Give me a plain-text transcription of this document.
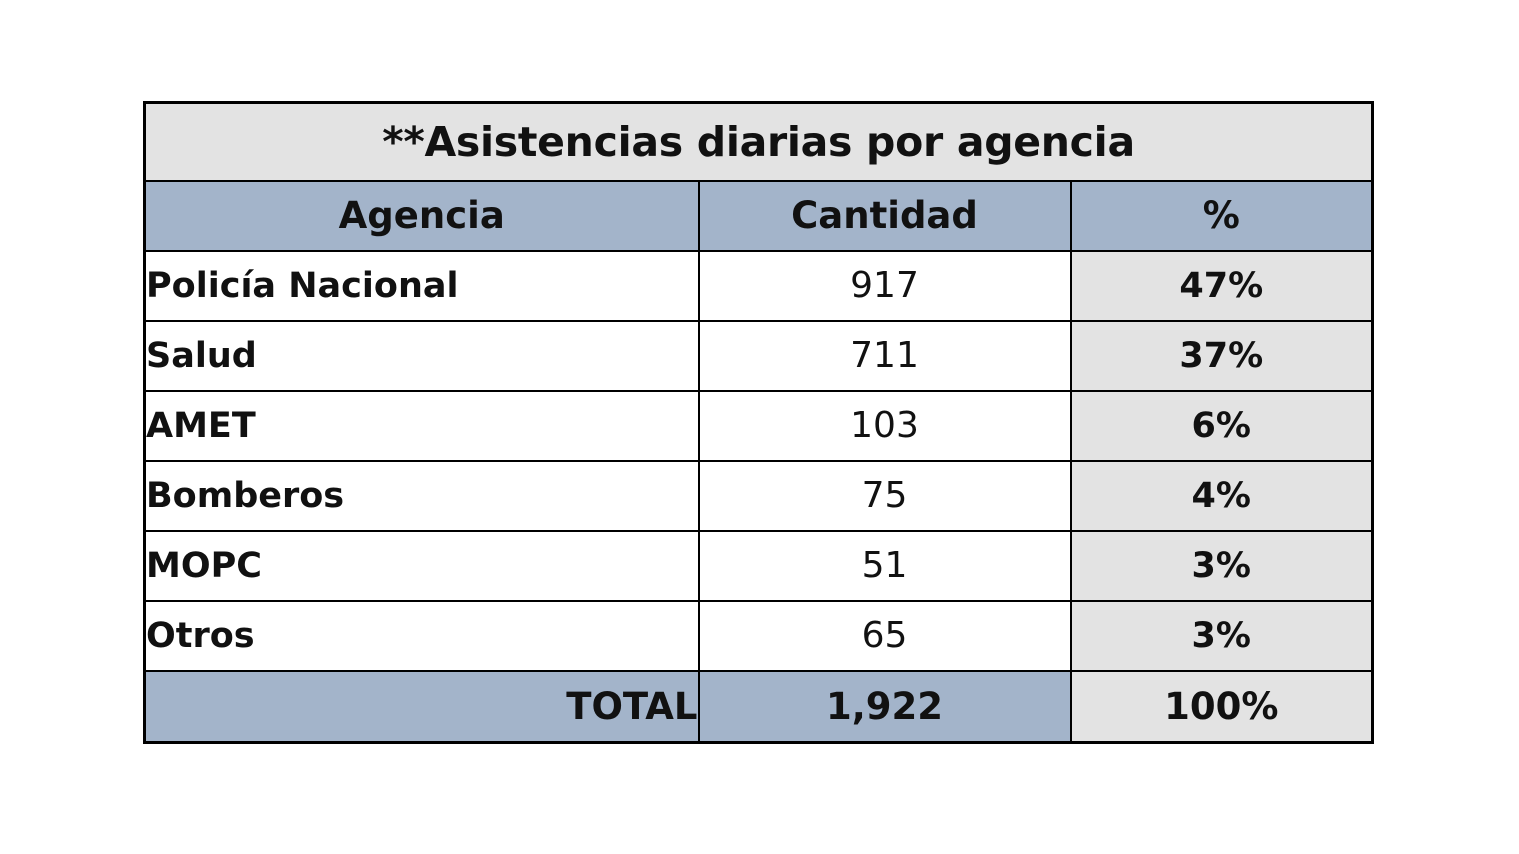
**Asistencias diarias por agencia		
Agencia	Cantidad	%
Policía Nacional	917	47%
Salud	711	37%
AMET	103	6%
Bomberos	75	4%
MOPC	51	3%
Otros	65	3%
TOTAL	1,922	100%
